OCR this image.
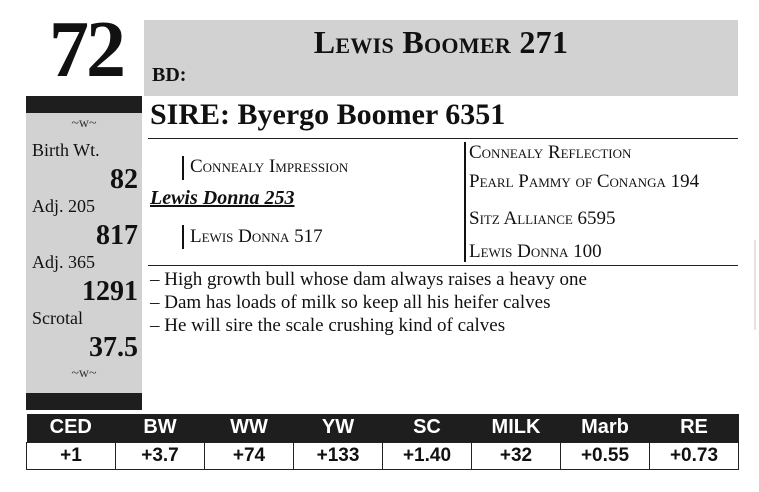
72	Lewis Boomer 271
BD:
~w~
Birth Wt.
82
Adj. 205
817
Adj. 365
1291
Scrotal
37.5
~w~
SIRE: Byergo Boomer 6351
Connealy Impression
Lewis Donna 253
Lewis Donna 517
Connealy Reflection
Pearl Pammy of Conanga 194
Sitz Alliance 6595
Lewis Donna 100
– High growth bull whose dam always raises a heavy one
– Dam has loads of milk so keep all his heifer calves
– He will sire the scale crushing kind of calves
CED	BW	WW	YW	SC	MILK	Marb	RE
+1	+3.7	+74	+133	+1.40	+32	+0.55	+0.73
